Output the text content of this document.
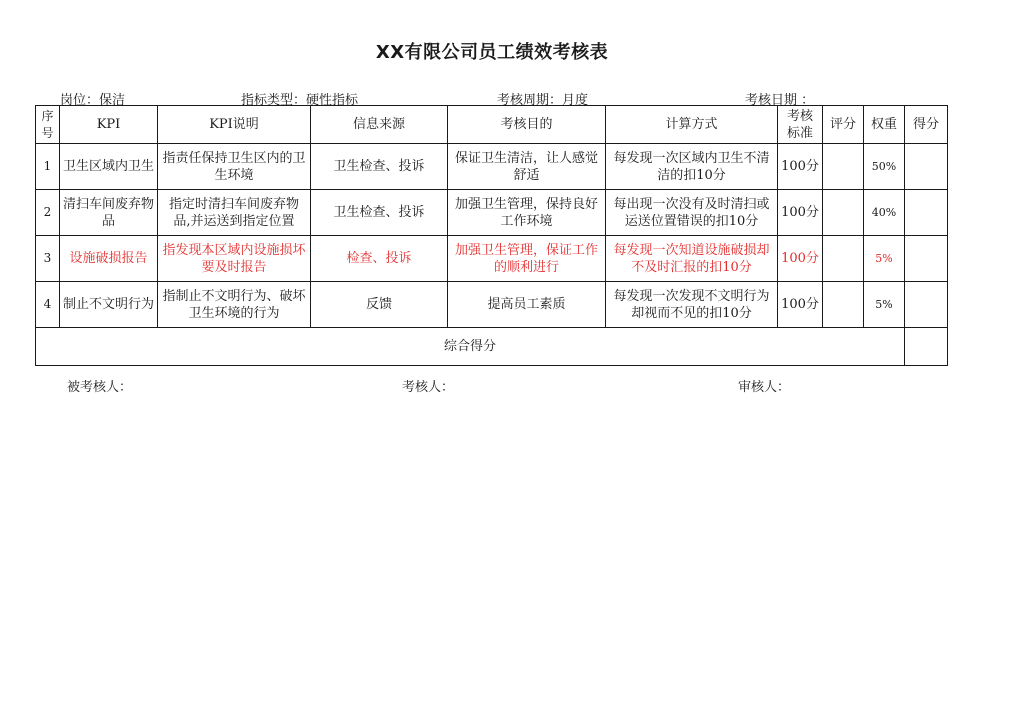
XX有限公司员工绩效考核表
岗位：保洁	指标类型：硬性指标	考核周期：月度	考核日期 ：
序号	KPI	KPI说明	信息来源	考核目的	计算方式	考核标准	评分	权重	得分
1	卫生区域内卫生	指责任保持卫生区内的卫生环境	卫生检查、投诉	保证卫生清洁，让人感觉舒适	每发现一次区域内卫生不清洁的扣10分	100分		50%	
2	清扫车间废弃物品	指定时清扫车间废弃物品,并运送到指定位置	卫生检查、投诉	加强卫生管理，保持良好工作环境	每出现一次没有及时清扫或运送位置错误的扣10分	100分		40%	
3	设施破损报告	指发现本区域内设施损坏要及时报告	检查、投诉	加强卫生管理，保证工作的顺利进行	每发现一次知道设施破损却不及时汇报的扣10分	100分		5%	
4	制止不文明行为	指制止不文明行为、破坏卫生环境的行为	反馈	提高员工素质	每发现一次发现不文明行为却视而不见的扣10分	100分		5%	
综合得分									
被考核人：	考核人：	审核人：
